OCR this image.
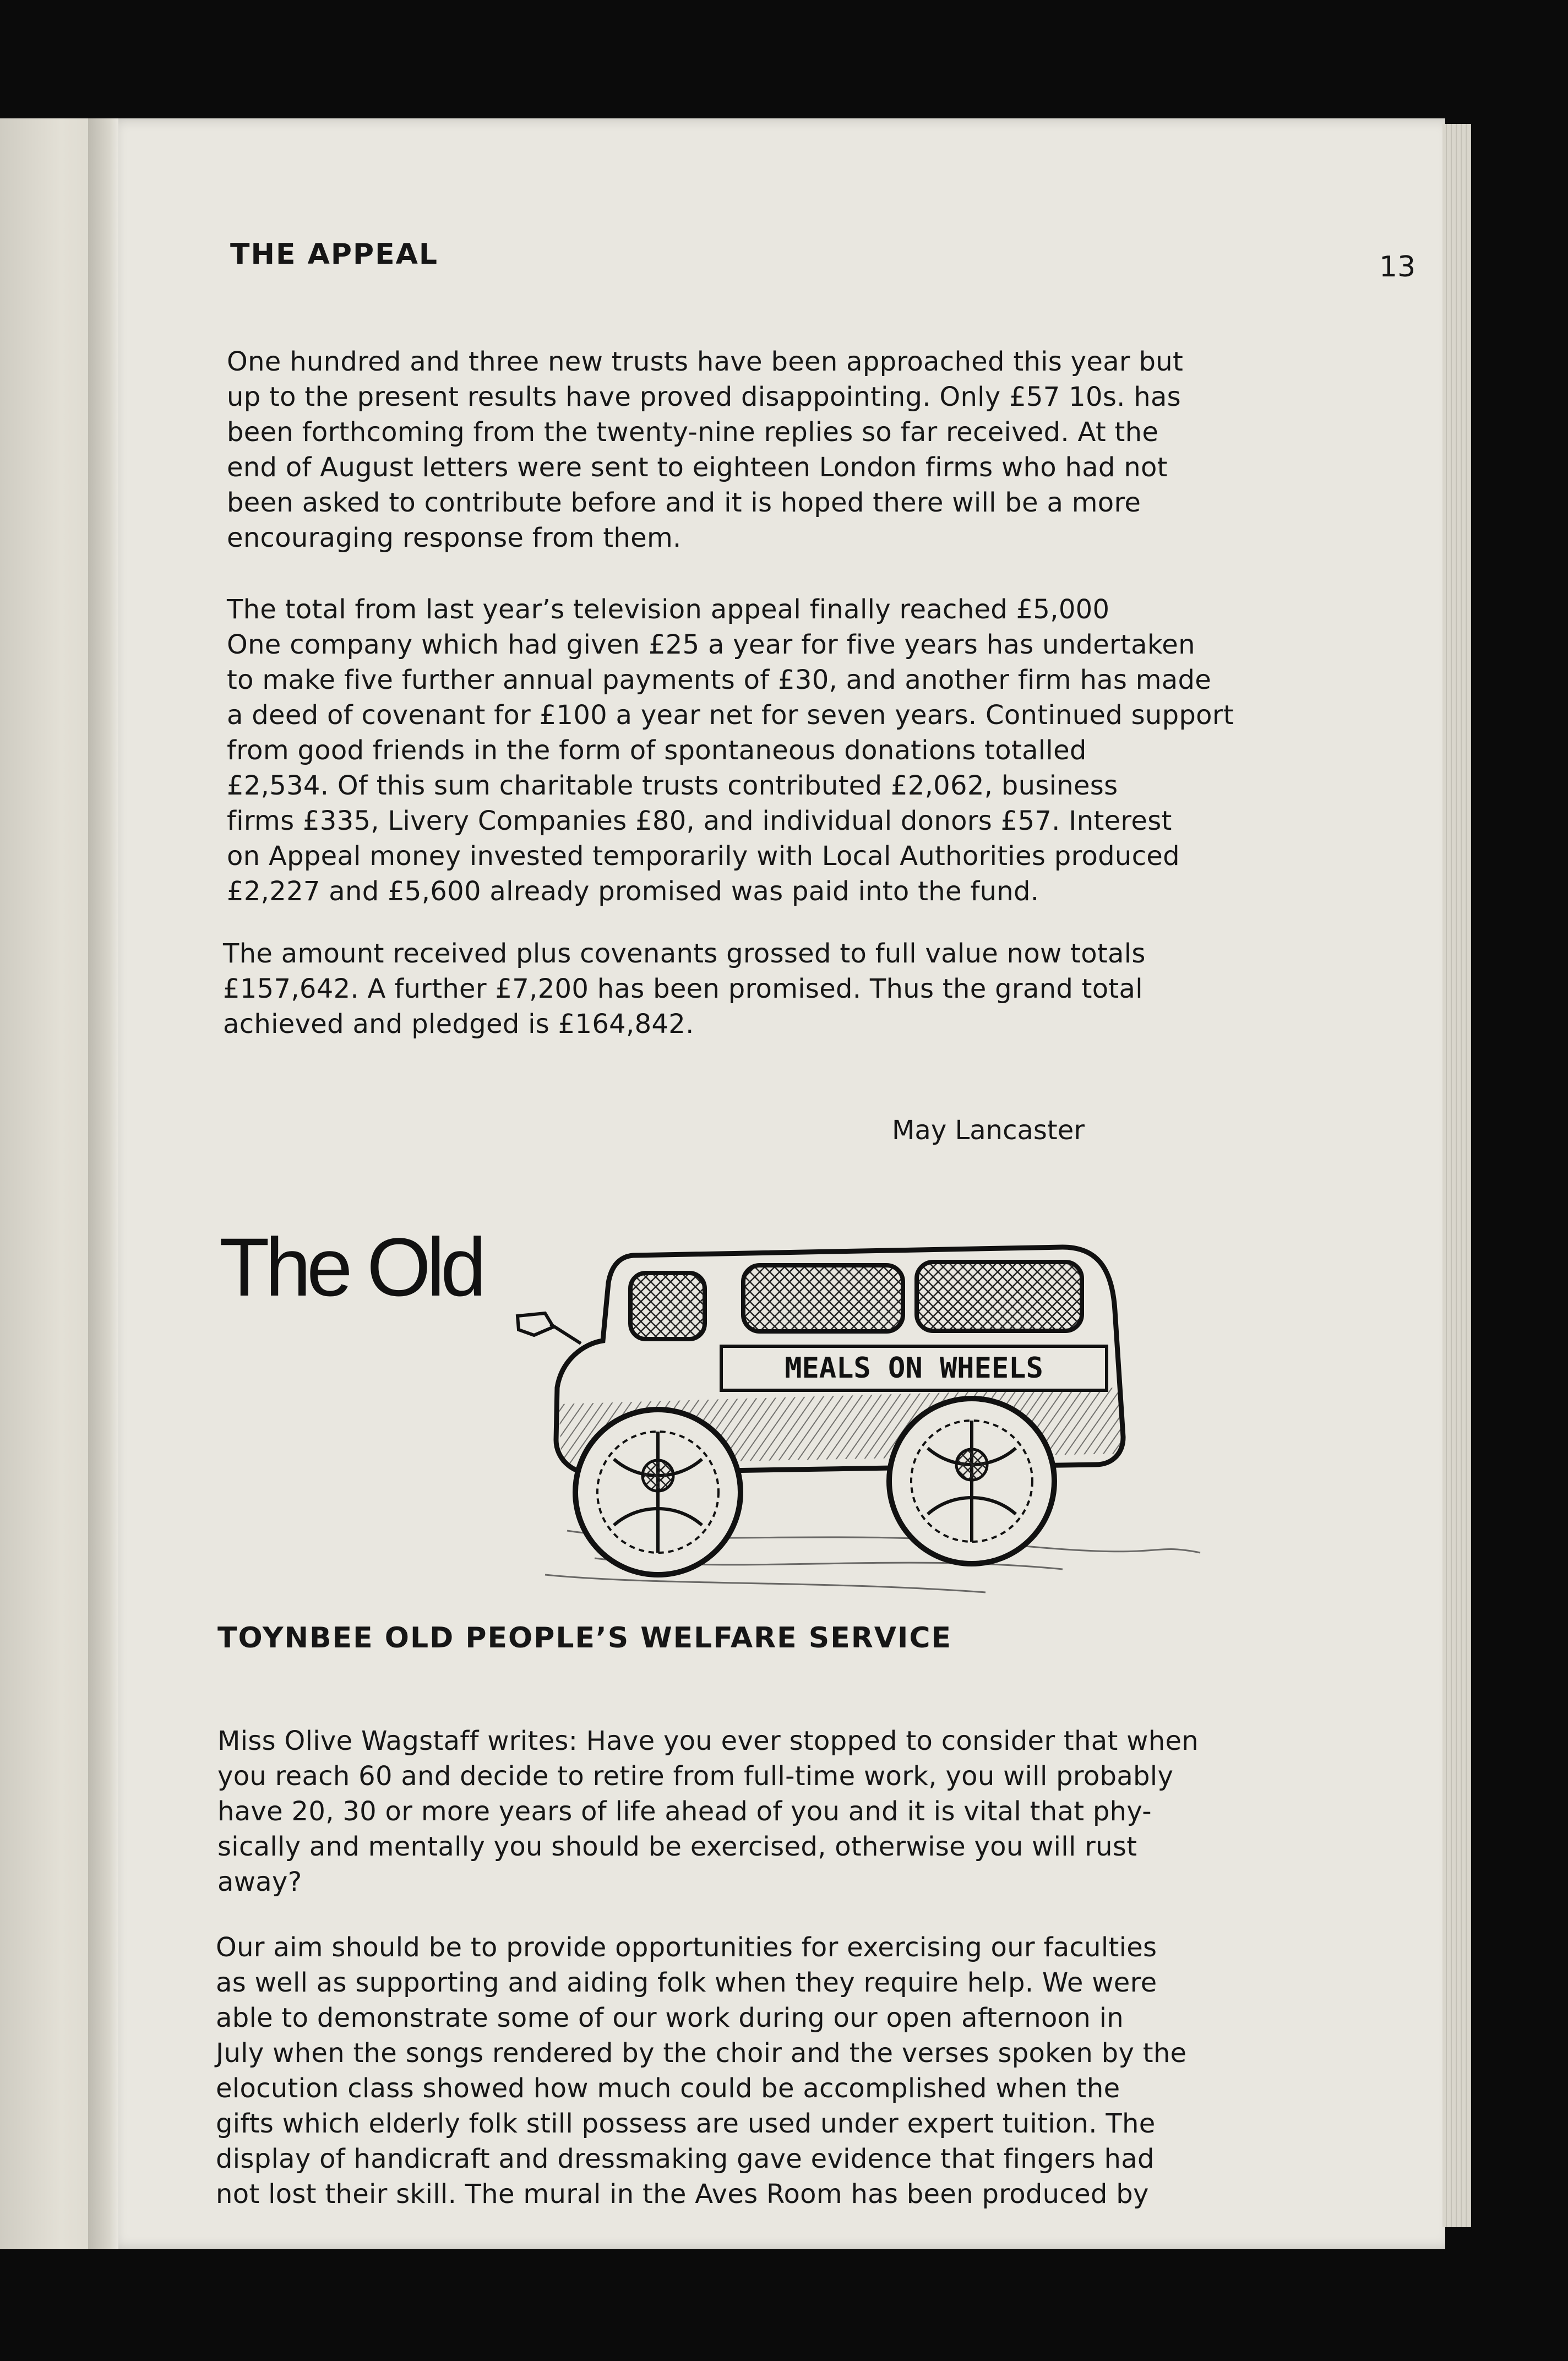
THE APPEAL	13
One hundred and three new trusts have been approached this year but
up to the present results have proved disappointing. Only £57 10s. has
been forthcoming from the twenty-nine replies so far received. At the
end of August letters were sent to eighteen London firms who had not
been asked to contribute before and it is hoped there will be a more
encouraging response from them.
The total from last year’s television appeal finally reached £5,000
One company which had given £25 a year for five years has undertaken
to make five further annual payments of £30, and another firm has made
a deed of covenant for £100 a year net for seven years. Continued support
from good friends in the form of spontaneous donations totalled
£2,534. Of this sum charitable trusts contributed £2,062, business
firms £335, Livery Companies £80, and individual donors £57. Interest
on Appeal money invested temporarily with Local Authorities produced
£2,227 and £5,600 already promised was paid into the fund.
The amount received plus covenants grossed to full value now totals
£157,642. A further £7,200 has been promised. Thus the grand total
achieved and pledged is £164,842.
May Lancaster
The Old
MEALS ON WHEELS
TOYNBEE OLD PEOPLE’S WELFARE SERVICE
Miss Olive Wagstaff writes: Have you ever stopped to consider that when
you reach 60 and decide to retire from full-time work, you will probably
have 20, 30 or more years of life ahead of you and it is vital that phy-
sically and mentally you should be exercised, otherwise you will rust
away?
Our aim should be to provide opportunities for exercising our faculties
as well as supporting and aiding folk when they require help. We were
able to demonstrate some of our work during our open afternoon in
July when the songs rendered by the choir and the verses spoken by the
elocution class showed how much could be accomplished when the
gifts which elderly folk still possess are used under expert tuition. The
display of handicraft and dressmaking gave evidence that fingers had
not lost their skill. The mural in the Aves Room has been produced by
